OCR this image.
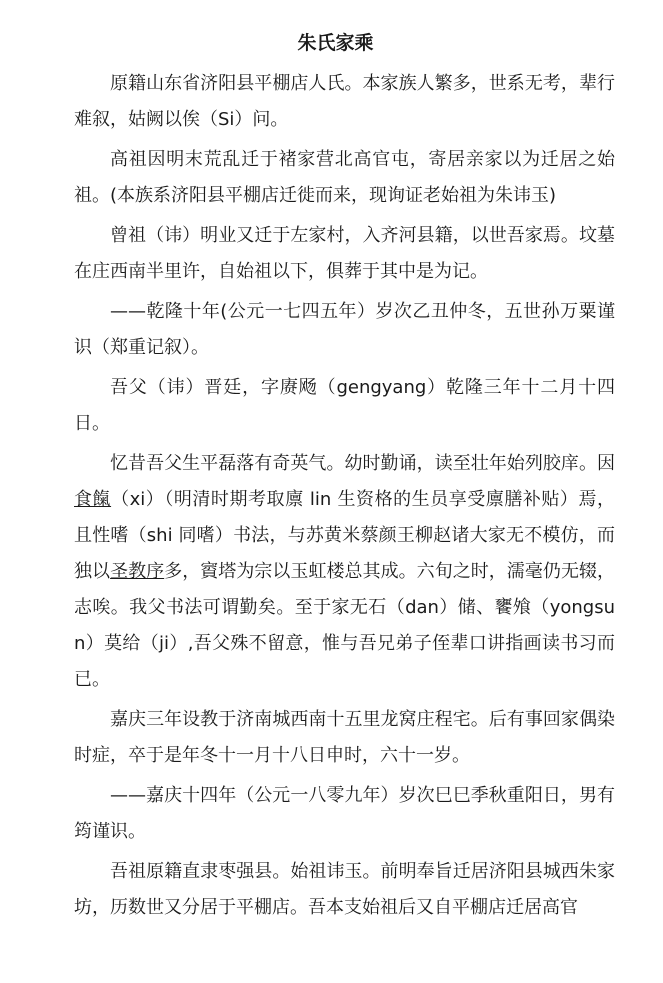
朱氏家乘

原籍山东省济阳县平棚店人氏。本家族人繁多，世系无考，辈行难叙，姑阙以俟（Si）问。

高祖因明末荒乱迁于褚家营北高官屯，寄居亲家以为迁居之始祖。(本族系济阳县平棚店迁徙而来，现询证老始祖为朱讳玉)

曾祖（讳）明业又迁于左家村，入齐河县籍，以世吾家焉。坟墓在庄西南半里许，自始祖以下，俱葬于其中是为记。

——乾隆十年(公元一七四五年）岁次乙丑仲冬，五世孙万粟谨识（郑重记叙）。

吾父（讳）晋廷，字赓飏（gengyang）乾隆三年十二月十四日。

忆昔吾父生平磊落有奇英气。幼时勤诵，读至壮年始列胶庠。因食餼（xi）（明清时期考取廪 lin 生资格的生员享受廪膳补贴）焉，且性嗜（shi 同嗜）书法，与苏黄米蔡颜王柳赵诸大家无不模仿，而独以圣教序多，賨塔为宗以玉虹楼总其成。六旬之时，濡毫仍无辍，志唉。我父书法可谓勤矣。至于家无石（dan）储、饔飧（yongsun）莫给（ji）,吾父殊不留意，惟与吾兄弟子侄辈口讲指画读书习而已。

嘉庆三年设教于济南城西南十五里龙窝庄程宅。后有事回家偶染时症，卒于是年冬十一月十八日申时，六十一岁。

——嘉庆十四年（公元一八零九年）岁次巳巳季秋重阳日，男有筠谨识。

吾祖原籍直隶枣强县。始祖讳玉。前明奉旨迁居济阳县城西朱家坊，历数世又分居于平棚店。吾本支始祖后又自平棚店迁居高官
